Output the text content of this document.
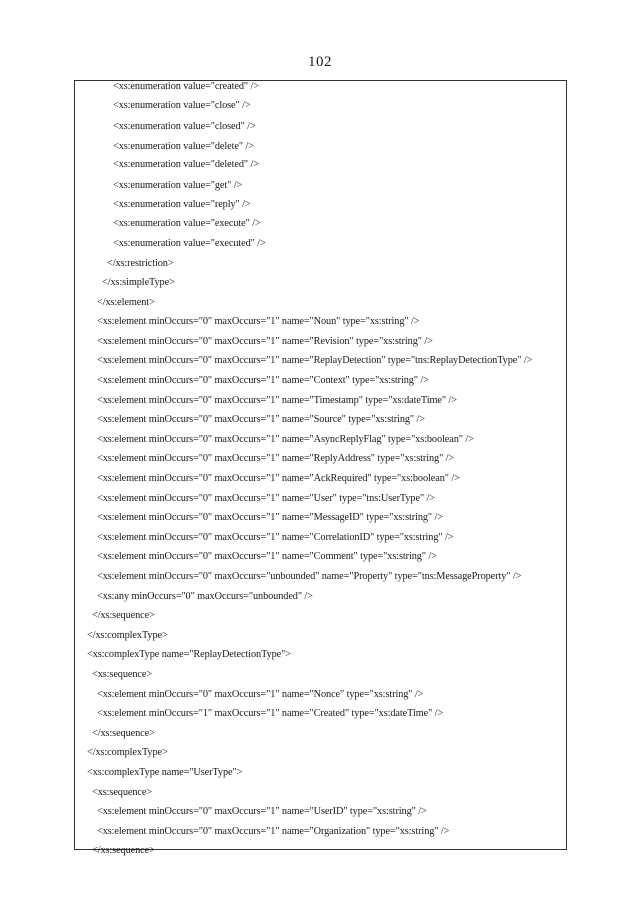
102
<xs:enumeration value="created" />
<xs:enumeration value="close" />
<xs:enumeration value="closed" />
<xs:enumeration value="delete" />
<xs:enumeration value="deleted" />
<xs:enumeration value="get" />
<xs:enumeration value="reply" />
<xs:enumeration value="execute" />
<xs:enumeration value="executed" />
</xs:restriction>
</xs:simpleType>
</xs:element>
<xs:element minOccurs="0" maxOccurs="1" name="Noun" type="xs:string" />
<xs:element minOccurs="0" maxOccurs="1" name="Revision" type="xs:string" />
<xs:element minOccurs="0" maxOccurs="1" name="ReplayDetection" type="tns:ReplayDetectionType" />
<xs:element minOccurs="0" maxOccurs="1" name="Context" type="xs:string" />
<xs:element minOccurs="0" maxOccurs="1" name="Timestamp" type="xs:dateTime" />
<xs:element minOccurs="0" maxOccurs="1" name="Source" type="xs:string" />
<xs:element minOccurs="0" maxOccurs="1" name="AsyncReplyFlag" type="xs:boolean" />
<xs:element minOccurs="0" maxOccurs="1" name="ReplyAddress" type="xs:string" />
<xs:element minOccurs="0" maxOccurs="1" name="AckRequired" type="xs:boolean" />
<xs:element minOccurs="0" maxOccurs="1" name="User" type="tns:UserType" />
<xs:element minOccurs="0" maxOccurs="1" name="MessageID" type="xs:string" />
<xs:element minOccurs="0" maxOccurs="1" name="CorrelationID" type="xs:string" />
<xs:element minOccurs="0" maxOccurs="1" name="Comment" type="xs:string" />
<xs:element minOccurs="0" maxOccurs="unbounded" name="Property" type="tns:MessageProperty" />
<xs:any minOccurs="0" maxOccurs="unbounded" />
</xs:sequence>
</xs:complexType>
<xs:complexType name="ReplayDetectionType">
<xs:sequence>
<xs:element minOccurs="0" maxOccurs="1" name="Nonce" type="xs:string" />
<xs:element minOccurs="1" maxOccurs="1" name="Created" type="xs:dateTime" />
</xs:sequence>
</xs:complexType>
<xs:complexType name="UserType">
<xs:sequence>
<xs:element minOccurs="0" maxOccurs="1" name="UserID" type="xs:string" />
<xs:element minOccurs="0" maxOccurs="1" name="Organization" type="xs:string" />
</xs:sequence>
